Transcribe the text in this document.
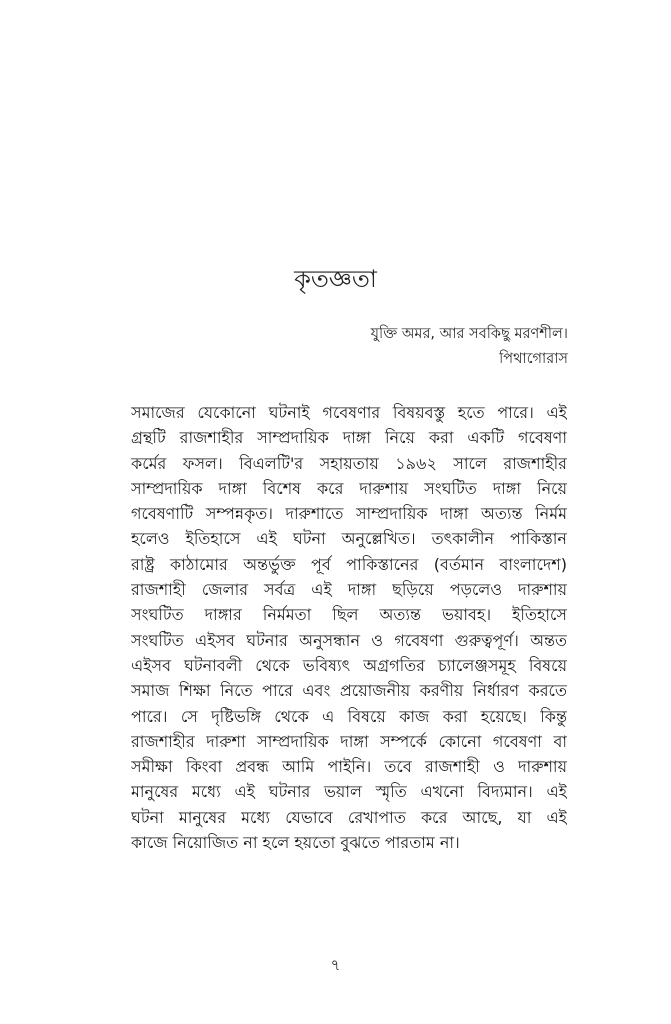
কৃতজ্ঞতা
যুক্তি অমর, আর সবকিছু মরণশীল।
পিথাগোরাস
সমাজের যেকোনো ঘটনাই গবেষণার বিষয়বস্তু হতে পারে। এই
গ্রন্থটি রাজশাহীর সাম্প্রদায়িক দাঙ্গা নিয়ে করা একটি গবেষণা
কর্মের ফসল। বিএলটি'র সহায়তায় ১৯৬২ সালে রাজশাহীর
সাম্প্রদায়িক দাঙ্গা বিশেষ করে দারুশায় সংঘটিত দাঙ্গা নিয়ে
গবেষণাটি সম্পন্নকৃত। দারুশাতে সাম্প্রদায়িক দাঙ্গা অত্যন্ত নির্মম
হলেও ইতিহাসে এই ঘটনা অনুল্লেখিত। তৎকালীন পাকিস্তান
রাষ্ট্র কাঠামোর অন্তর্ভুক্ত পূর্ব পাকিস্তানের (বর্তমান বাংলাদেশ)
রাজশাহী জেলার সর্বত্র এই দাঙ্গা ছড়িয়ে পড়লেও দারুশায়
সংঘটিত দাঙ্গার নির্মমতা ছিল অত্যন্ত ভয়াবহ। ইতিহাসে
সংঘটিত এইসব ঘটনার অনুসন্ধান ও গবেষণা গুরুত্বপূর্ণ। অন্তত
এইসব ঘটনাবলী থেকে ভবিষ্যৎ অগ্রগতির চ্যালেঞ্জসমূহ বিষয়ে
সমাজ শিক্ষা নিতে পারে এবং প্রয়োজনীয় করণীয় নির্ধারণ করতে
পারে। সে দৃষ্টিভঙ্গি থেকে এ বিষয়ে কাজ করা হয়েছে। কিন্তু
রাজশাহীর দারুশা সাম্প্রদায়িক দাঙ্গা সম্পর্কে কোনো গবেষণা বা
সমীক্ষা কিংবা প্রবন্ধ আমি পাইনি। তবে রাজশাহী ও দারুশায়
মানুষের মধ্যে এই ঘটনার ভয়াল স্মৃতি এখনো বিদ্যমান। এই
ঘটনা মানুষের মধ্যে যেভাবে রেখাপাত করে আছে, যা এই
কাজে নিয়োজিত না হলে হয়তো বুঝতে পারতাম না।
৭
